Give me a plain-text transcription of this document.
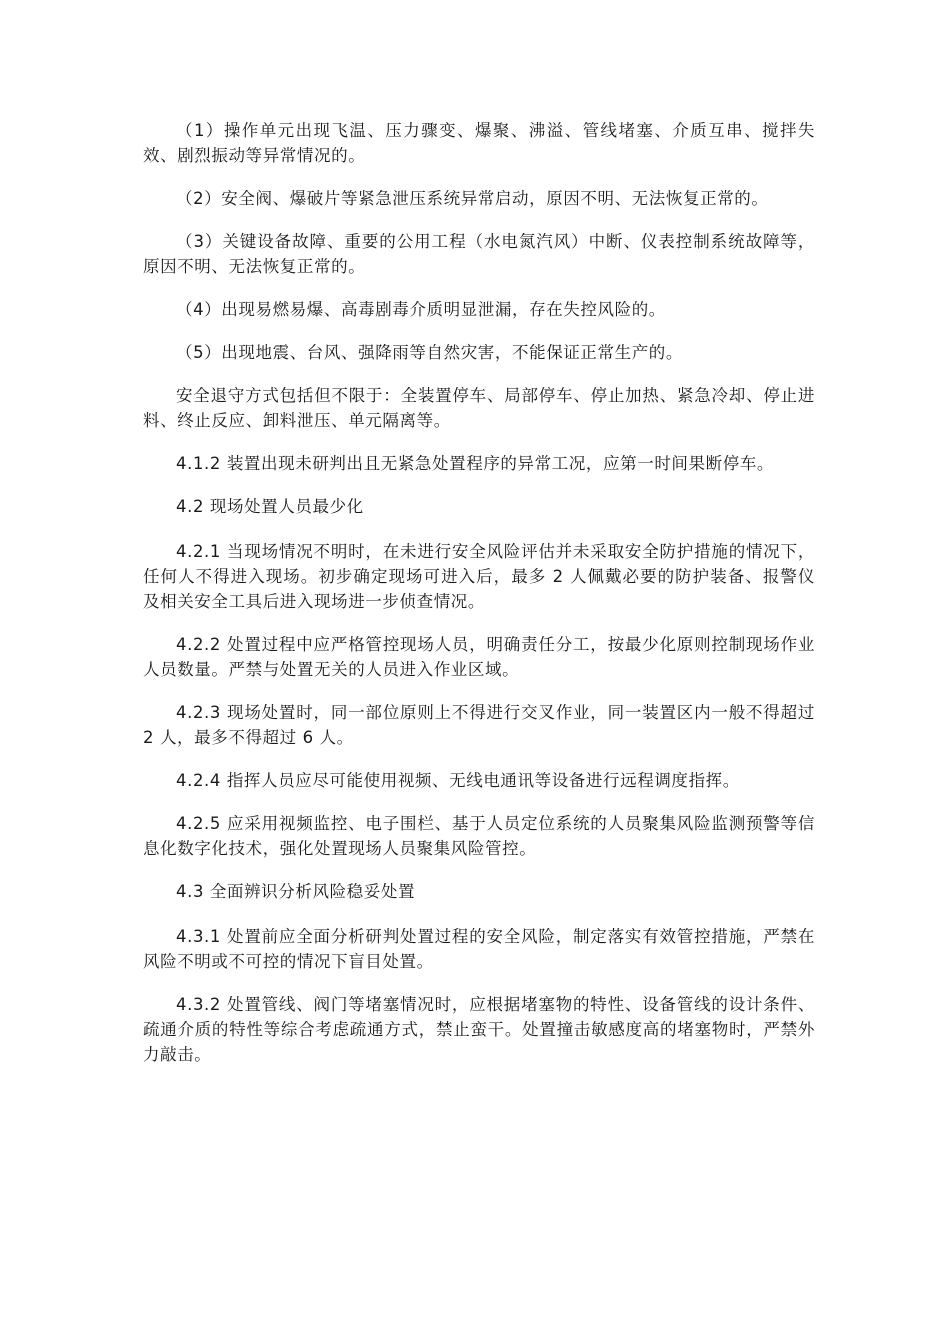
（1）操作单元出现飞温、压力骤变、爆聚、沸溢、管线堵塞、介质互串、搅拌失效、剧烈振动等异常情况的。

（2）安全阀、爆破片等紧急泄压系统异常启动，原因不明、无法恢复正常的。

（3）关键设备故障、重要的公用工程（水电氮汽风）中断、仪表控制系统故障等，原因不明、无法恢复正常的。

（4）出现易燃易爆、高毒剧毒介质明显泄漏，存在失控风险的。

（5）出现地震、台风、强降雨等自然灾害，不能保证正常生产的。

安全退守方式包括但不限于：全装置停车、局部停车、停止加热、紧急冷却、停止进料、终止反应、卸料泄压、单元隔离等。

4.1.2 装置出现未研判出且无紧急处置程序的异常工况，应第一时间果断停车。

4.2 现场处置人员最少化

4.2.1 当现场情况不明时，在未进行安全风险评估并未采取安全防护措施的情况下，任何人不得进入现场。初步确定现场可进入后，最多 2 人佩戴必要的防护装备、报警仪及相关安全工具后进入现场进一步侦查情况。

4.2.2 处置过程中应严格管控现场人员，明确责任分工，按最少化原则控制现场作业人员数量。严禁与处置无关的人员进入作业区域。

4.2.3 现场处置时，同一部位原则上不得进行交叉作业，同一装置区内一般不得超过 2 人，最多不得超过 6 人。

4.2.4 指挥人员应尽可能使用视频、无线电通讯等设备进行远程调度指挥。

4.2.5 应采用视频监控、电子围栏、基于人员定位系统的人员聚集风险监测预警等信息化数字化技术，强化处置现场人员聚集风险管控。

4.3 全面辨识分析风险稳妥处置

4.3.1 处置前应全面分析研判处置过程的安全风险，制定落实有效管控措施，严禁在风险不明或不可控的情况下盲目处置。

4.3.2 处置管线、阀门等堵塞情况时，应根据堵塞物的特性、设备管线的设计条件、疏通介质的特性等综合考虑疏通方式，禁止蛮干。处置撞击敏感度高的堵塞物时，严禁外力敲击。
